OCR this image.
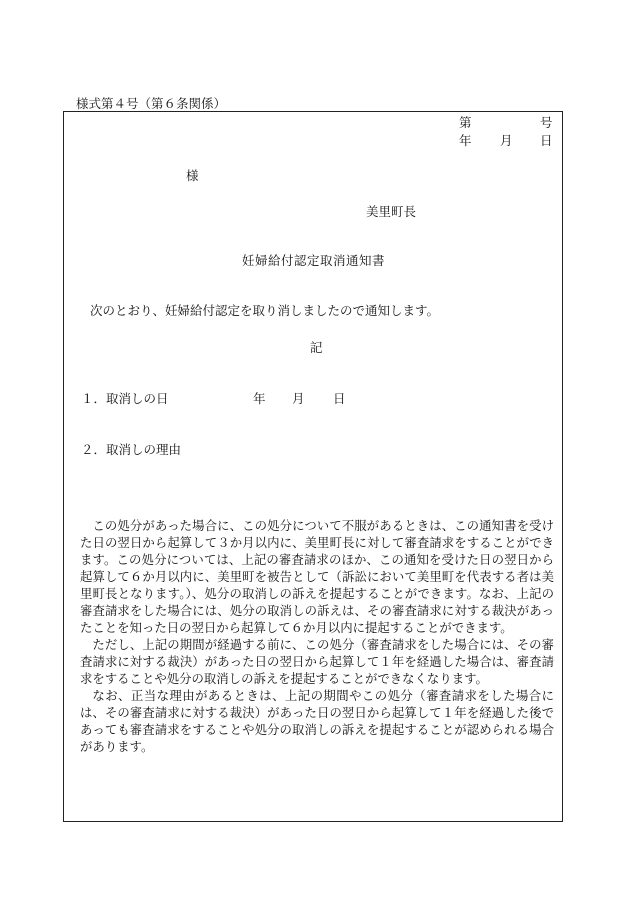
様式第４号（第６条関係）
第	号
年 月 日
様
美里町長
妊婦給付認定取消通知書
次のとおり、妊婦給付認定を取り消しましたので通知します。
記
１．取消しの日	年 月 日
２．取消しの理由

この処分があった場合に、この処分について不服があるときは、この通知書を受けた日の翌日から起算して３か月以内に、美里町長に対して審査請求をすることができます。この処分については、上記の審査請求のほか、この通知を受けた日の翌日から起算して６か月以内に、美里町を被告として（訴訟において美里町を代表する者は美里町長となります。）、処分の取消しの訴えを提起することができます。なお、上記の審査請求をした場合には、処分の取消しの訴えは、その審査請求に対する裁決があったことを知った日の翌日から起算して６か月以内に提起することができます。

ただし、上記の期間が経過する前に、この処分（審査請求をした場合には、その審査請求に対する裁決）があった日の翌日から起算して１年を経過した場合は、審査請求をすることや処分の取消しの訴えを提起することができなくなります。

なお、正当な理由があるときは、上記の期間やこの処分（審査請求をした場合には、その審査請求に対する裁決）があった日の翌日から起算して１年を経過した後であっても審査請求をすることや処分の取消しの訴えを提起することが認められる場合があります。
